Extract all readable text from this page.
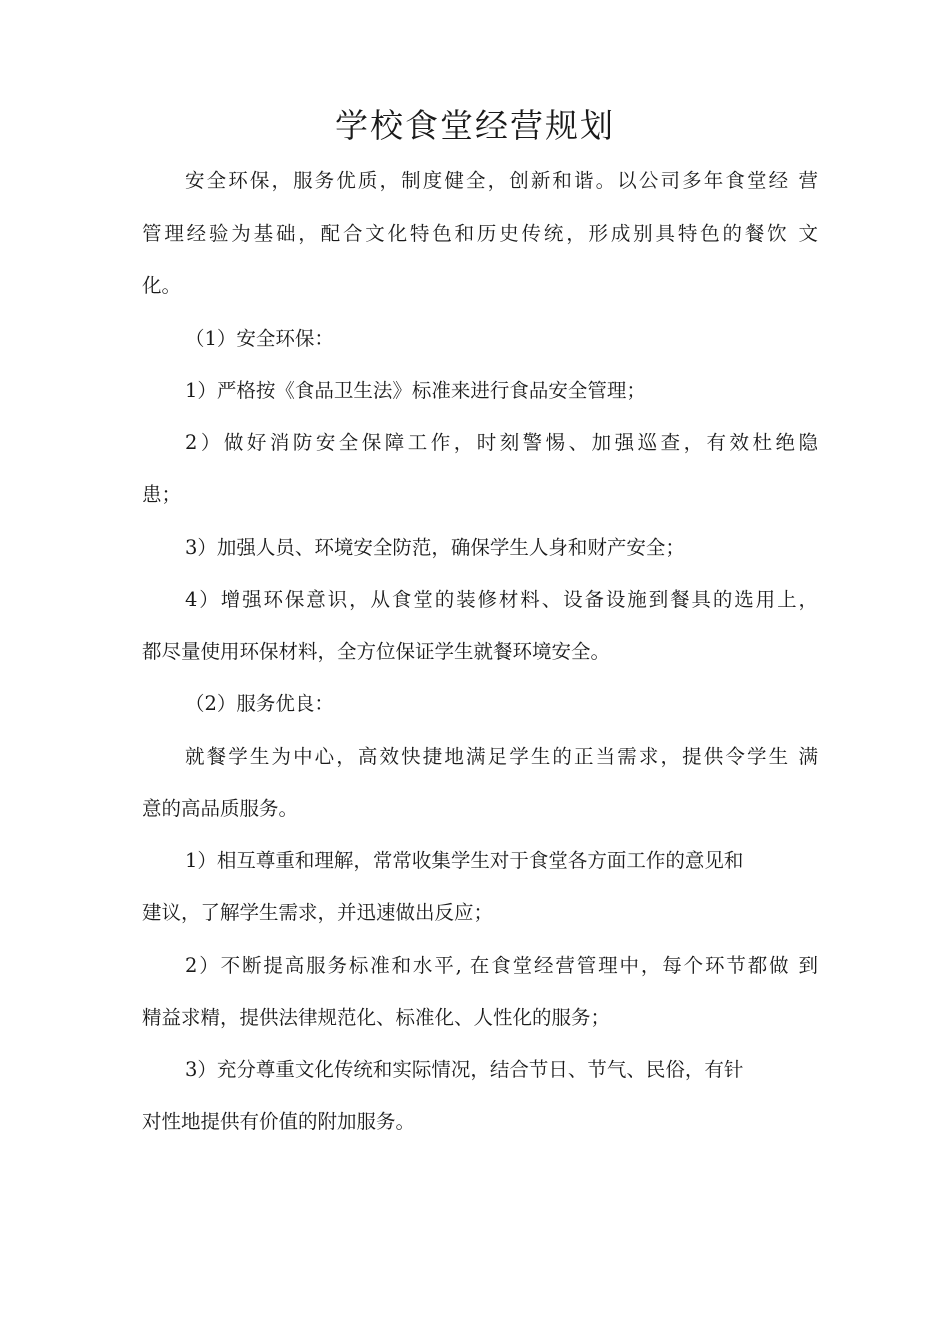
学校食堂经营规划

安全环保，服务优质，制度健全，创新和谐。以公司多年食堂经 营

管理经验为基础，配合文化特色和历史传统，形成别具特色的餐饮 文

化。

（1）安全环保：

1）严格按《食品卫生法》标准来进行食品安全管理；

2）做好消防安全保障工作，时刻警惕、加强巡查，有效杜绝隐

患；

3）加强人员、环境安全防范，确保学生人身和财产安全；

4）增强环保意识，从食堂的装修材料、设备设施到餐具的选用上，

都尽量使用环保材料，全方位保证学生就餐环境安全。

（2）服务优良：

就餐学生为中心，高效快捷地满足学生的正当需求，提供令学生 满

意的高品质服务。

1）相互尊重和理解，常常收集学生对于食堂各方面工作的意见和

建议，了解学生需求，并迅速做出反应；

2）不断提高服务标准和水平, 在食堂经营管理中，每个环节都做 到

精益求精，提供法律规范化、标准化、人性化的服务；

3）充分尊重文化传统和实际情况，结合节日、节气、民俗，有针

对性地提供有价值的附加服务。
